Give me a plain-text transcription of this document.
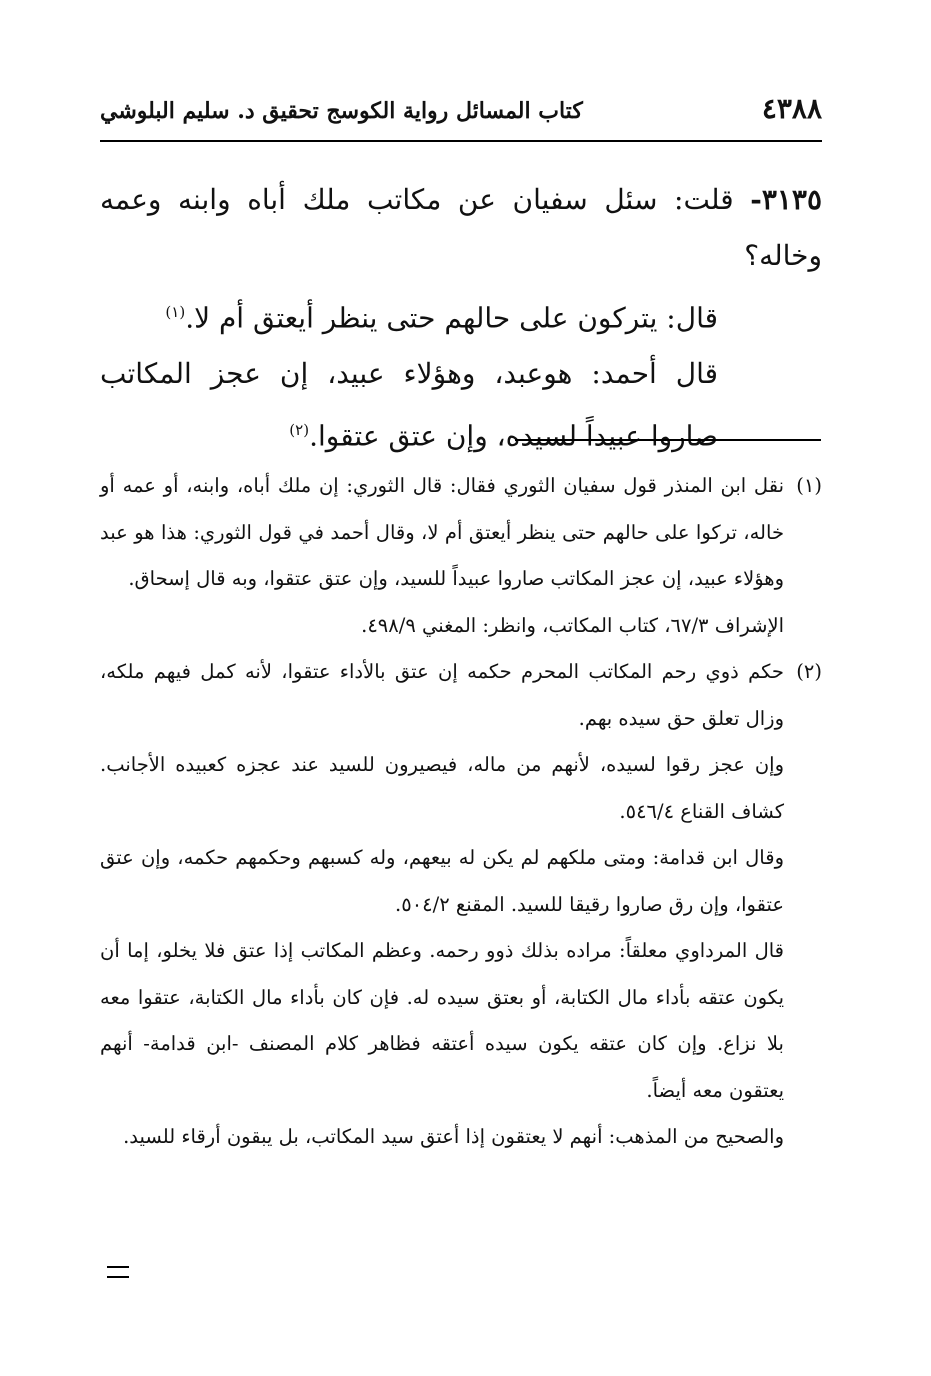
٤٣٨٨
كتاب المسائل رواية الكوسج تحقيق د. سليم البلوشي

٣١٣٥- قلت: سئل سفيان عن مكاتب ملك أباه وابنه وعمه وخاله؟

قال: يتركون على حالهم حتى ينظر أيعتق أم لا.$^{(١)}$

قال أحمد: هوعبد، وهؤلاء عبيد، إن عجز المكاتب صاروا عبيداً لسيده، وإن عتق عتقوا.$^{(٢)}$

(١)نقل ابن المنذر قول سفيان الثوري فقال: قال الثوري: إن ملك أباه، وابنه، أو عمه أو خاله، تركوا على حالهم حتى ينظر أيعتق أم لا، وقال أحمد في قول الثوري: هذا هو عبد وهؤلاء عبيد، إن عجز المكاتب صاروا عبيداً للسيد، وإن عتق عتقوا، وبه قال إسحاق.

الإشراف ٦٧/٣، كتاب المكاتب، وانظر: المغني ٤٩٨/٩.

(٢)حكم ذوي رحم المكاتب المحرم حكمه إن عتق بالأداء عتقوا، لأنه كمل فيهم ملكه، وزال تعلق حق سيده بهم.

وإن عجز رقوا لسيده، لأنهم من ماله، فيصيرون للسيد عند عجزه كعبيده الأجانب. كشاف القناع ٥٤٦/٤.

وقال ابن قدامة: ومتى ملكهم لم يكن له بيعهم، وله كسبهم وحكمهم حكمه، وإن عتق عتقوا، وإن رق صاروا رقيقا للسيد. المقنع ٥٠٤/٢.

قال المرداوي معلقاً: مراده بذلك ذوو رحمه. وعظم المكاتب إذا عتق فلا يخلو، إما أن يكون عتقه بأداء مال الكتابة، أو بعتق سيده له. فإن كان بأداء مال الكتابة، عتقوا معه بلا نزاع. وإن كان عتقه يكون سيده أعتقه فظاهر كلام المصنف -ابن قدامة- أنهم يعتقون معه أيضاً.

والصحيح من المذهب: أنهم لا يعتقون إذا أعتق سيد المكاتب، بل يبقون أرقاء للسيد.
